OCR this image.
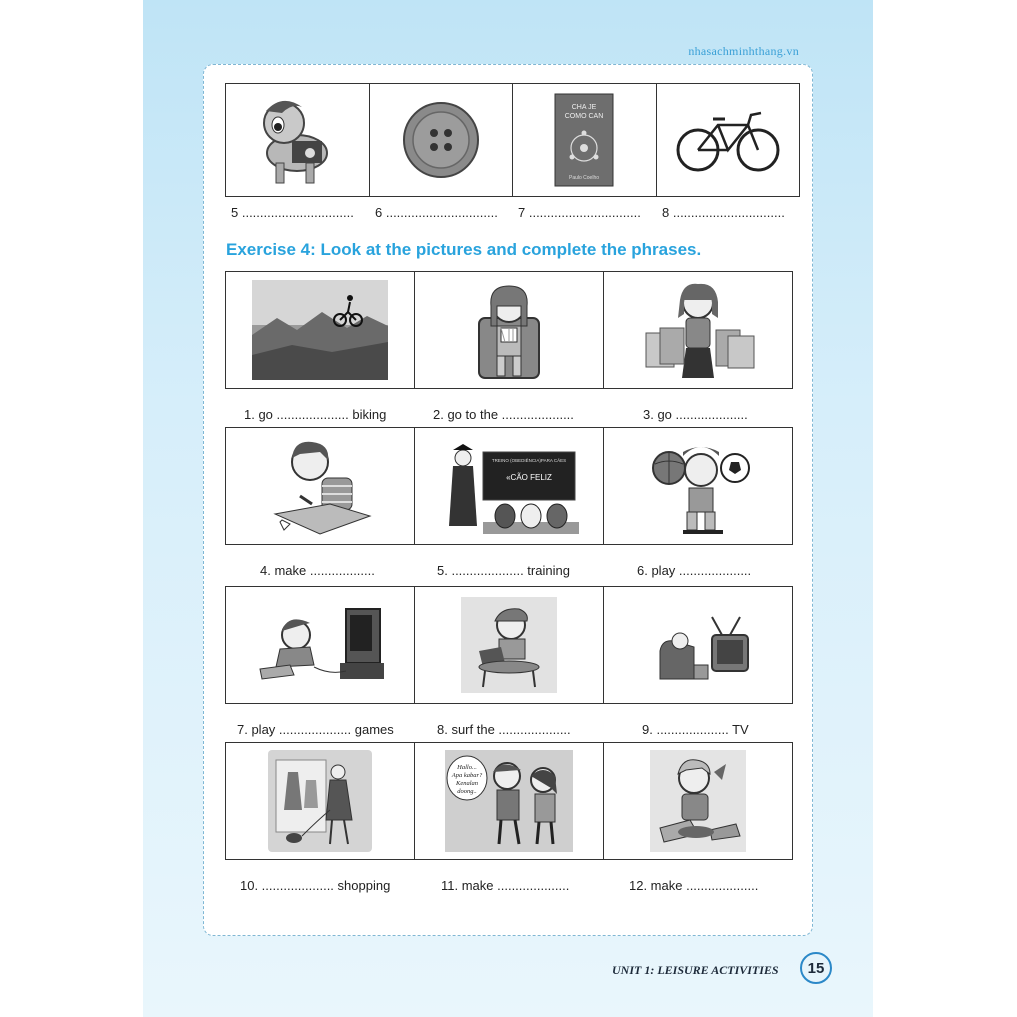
nhasachminhthang.vn
CHA JE
COMO CAN
Paulo Coelho
5 ............................... 6 ............................... 7 ............................... 8 ...............................
Exercise 4: Look at the pictures and complete the phrases.
1. go .................... biking	2. go to the ....................	3. go ....................
TREINO (OBEDIÊNCIA)PARA CÃES
«CÃO FELIZ
4. make ..................	5. .................... training	6. play ....................
7. play .................... games	8. surf the ....................	9. .................... TV
Hallo...
Apa kabar?
Kenalan
doong..
10. .................... shopping	11. make ....................	12. make ....................
UNIT 1: LEISURE ACTIVITIES	15
